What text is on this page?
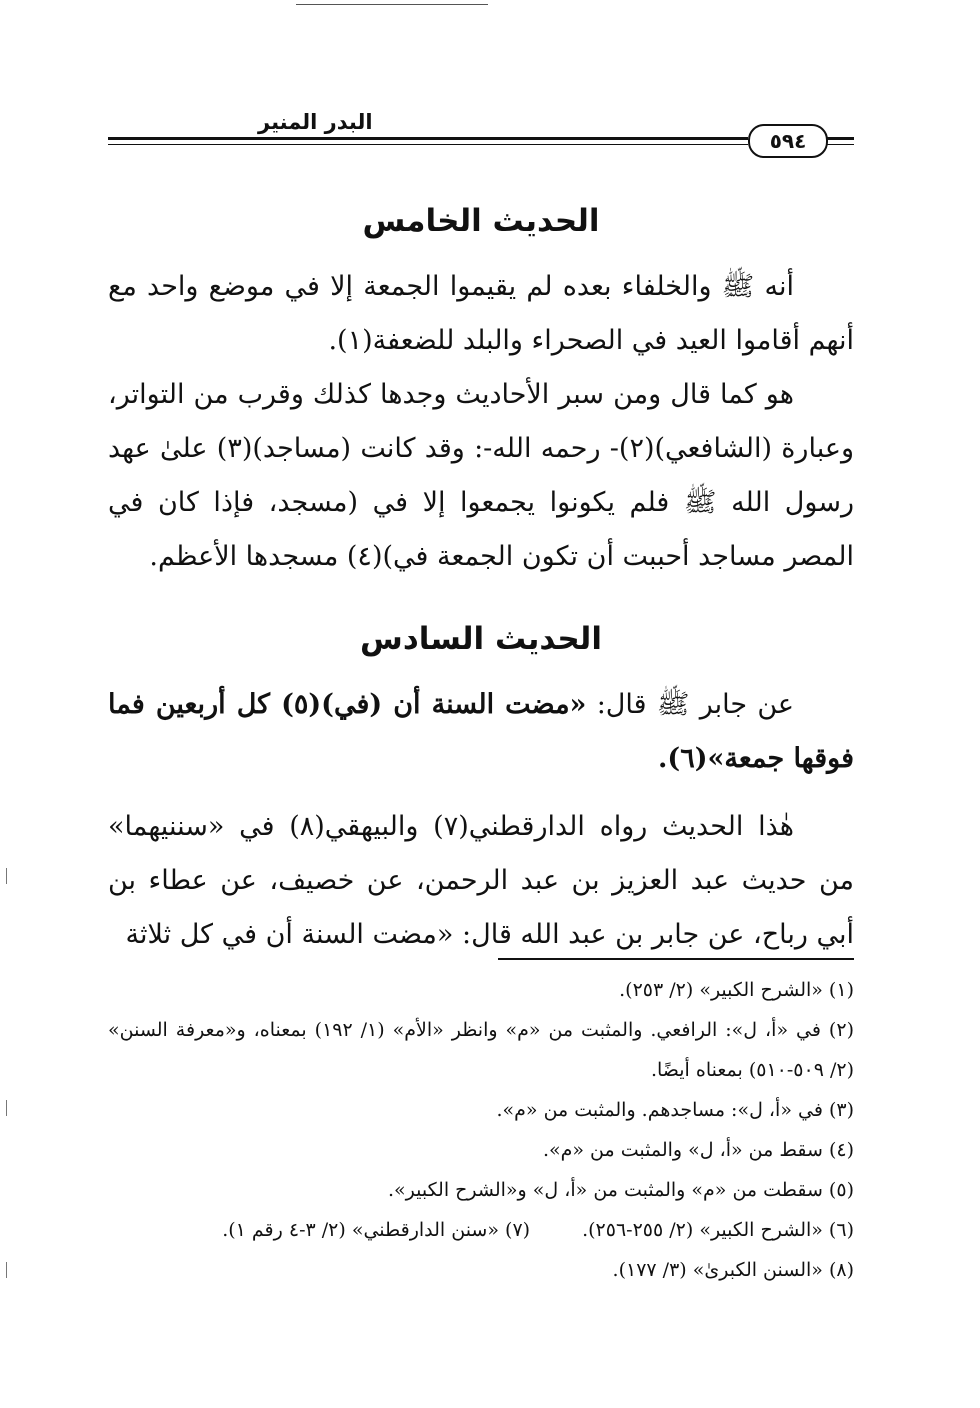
البدر المنير
٥٩٤
الحديث الخامس

أنه ﷺ والخلفاء بعده لم يقيموا الجمعة إلا في موضع واحد مع أنهم أقاموا العيد في الصحراء والبلد للضعفة(١).

هو كما قال ومن سبر الأحاديث وجدها كذلك وقرب من التواتر، وعبارة (الشافعي)(٢)- رحمه الله-: وقد كانت (مساجد)(٣) علىٰ عهد رسول الله ﷺ فلم يكونوا يجمعوا إلا في (مسجد، فإذا كان في المصر مساجد أحببت أن تكون الجمعة في)(٤) مسجدها الأعظم.

الحديث السادس

عن جابر ﷺ قال: «مضت السنة أن (في)(٥) كل أربعين فما فوقها جمعة»(٦).

هٰذا الحديث رواه الدارقطني(٧) والبيهقي(٨) في «سننيهما» من حديث عبد العزيز بن عبد الرحمن، عن خصيف، عن عطاء بن أبي رباح، عن جابر بن عبد الله قال: «مضت السنة أن في كل ثلاثة

(١) «الشرح الكبير» (٢/ ٢٥٣).

(٢) في «أ، ل»: الرافعي. والمثبت من «م» وانظر «الأم» (١/ ١٩٢) بمعناه، و«معرفة السنن» (٢/ ٥٠٩-٥١٠) بمعناه أيضًا.

(٣) في «أ، ل»: مساجدهم. والمثبت من «م».

(٤) سقط من «أ، ل» والمثبت من «م».

(٥) سقطت من «م» والمثبت من «أ، ل» و«الشرح الكبير».

(٦) «الشرح الكبير» (٢/ ٢٥٥-٢٥٦).

(٧) «سنن الدارقطني» (٢/ ٣-٤ رقم ١).

(٨) «السنن الكبرىٰ» (٣/ ١٧٧).
